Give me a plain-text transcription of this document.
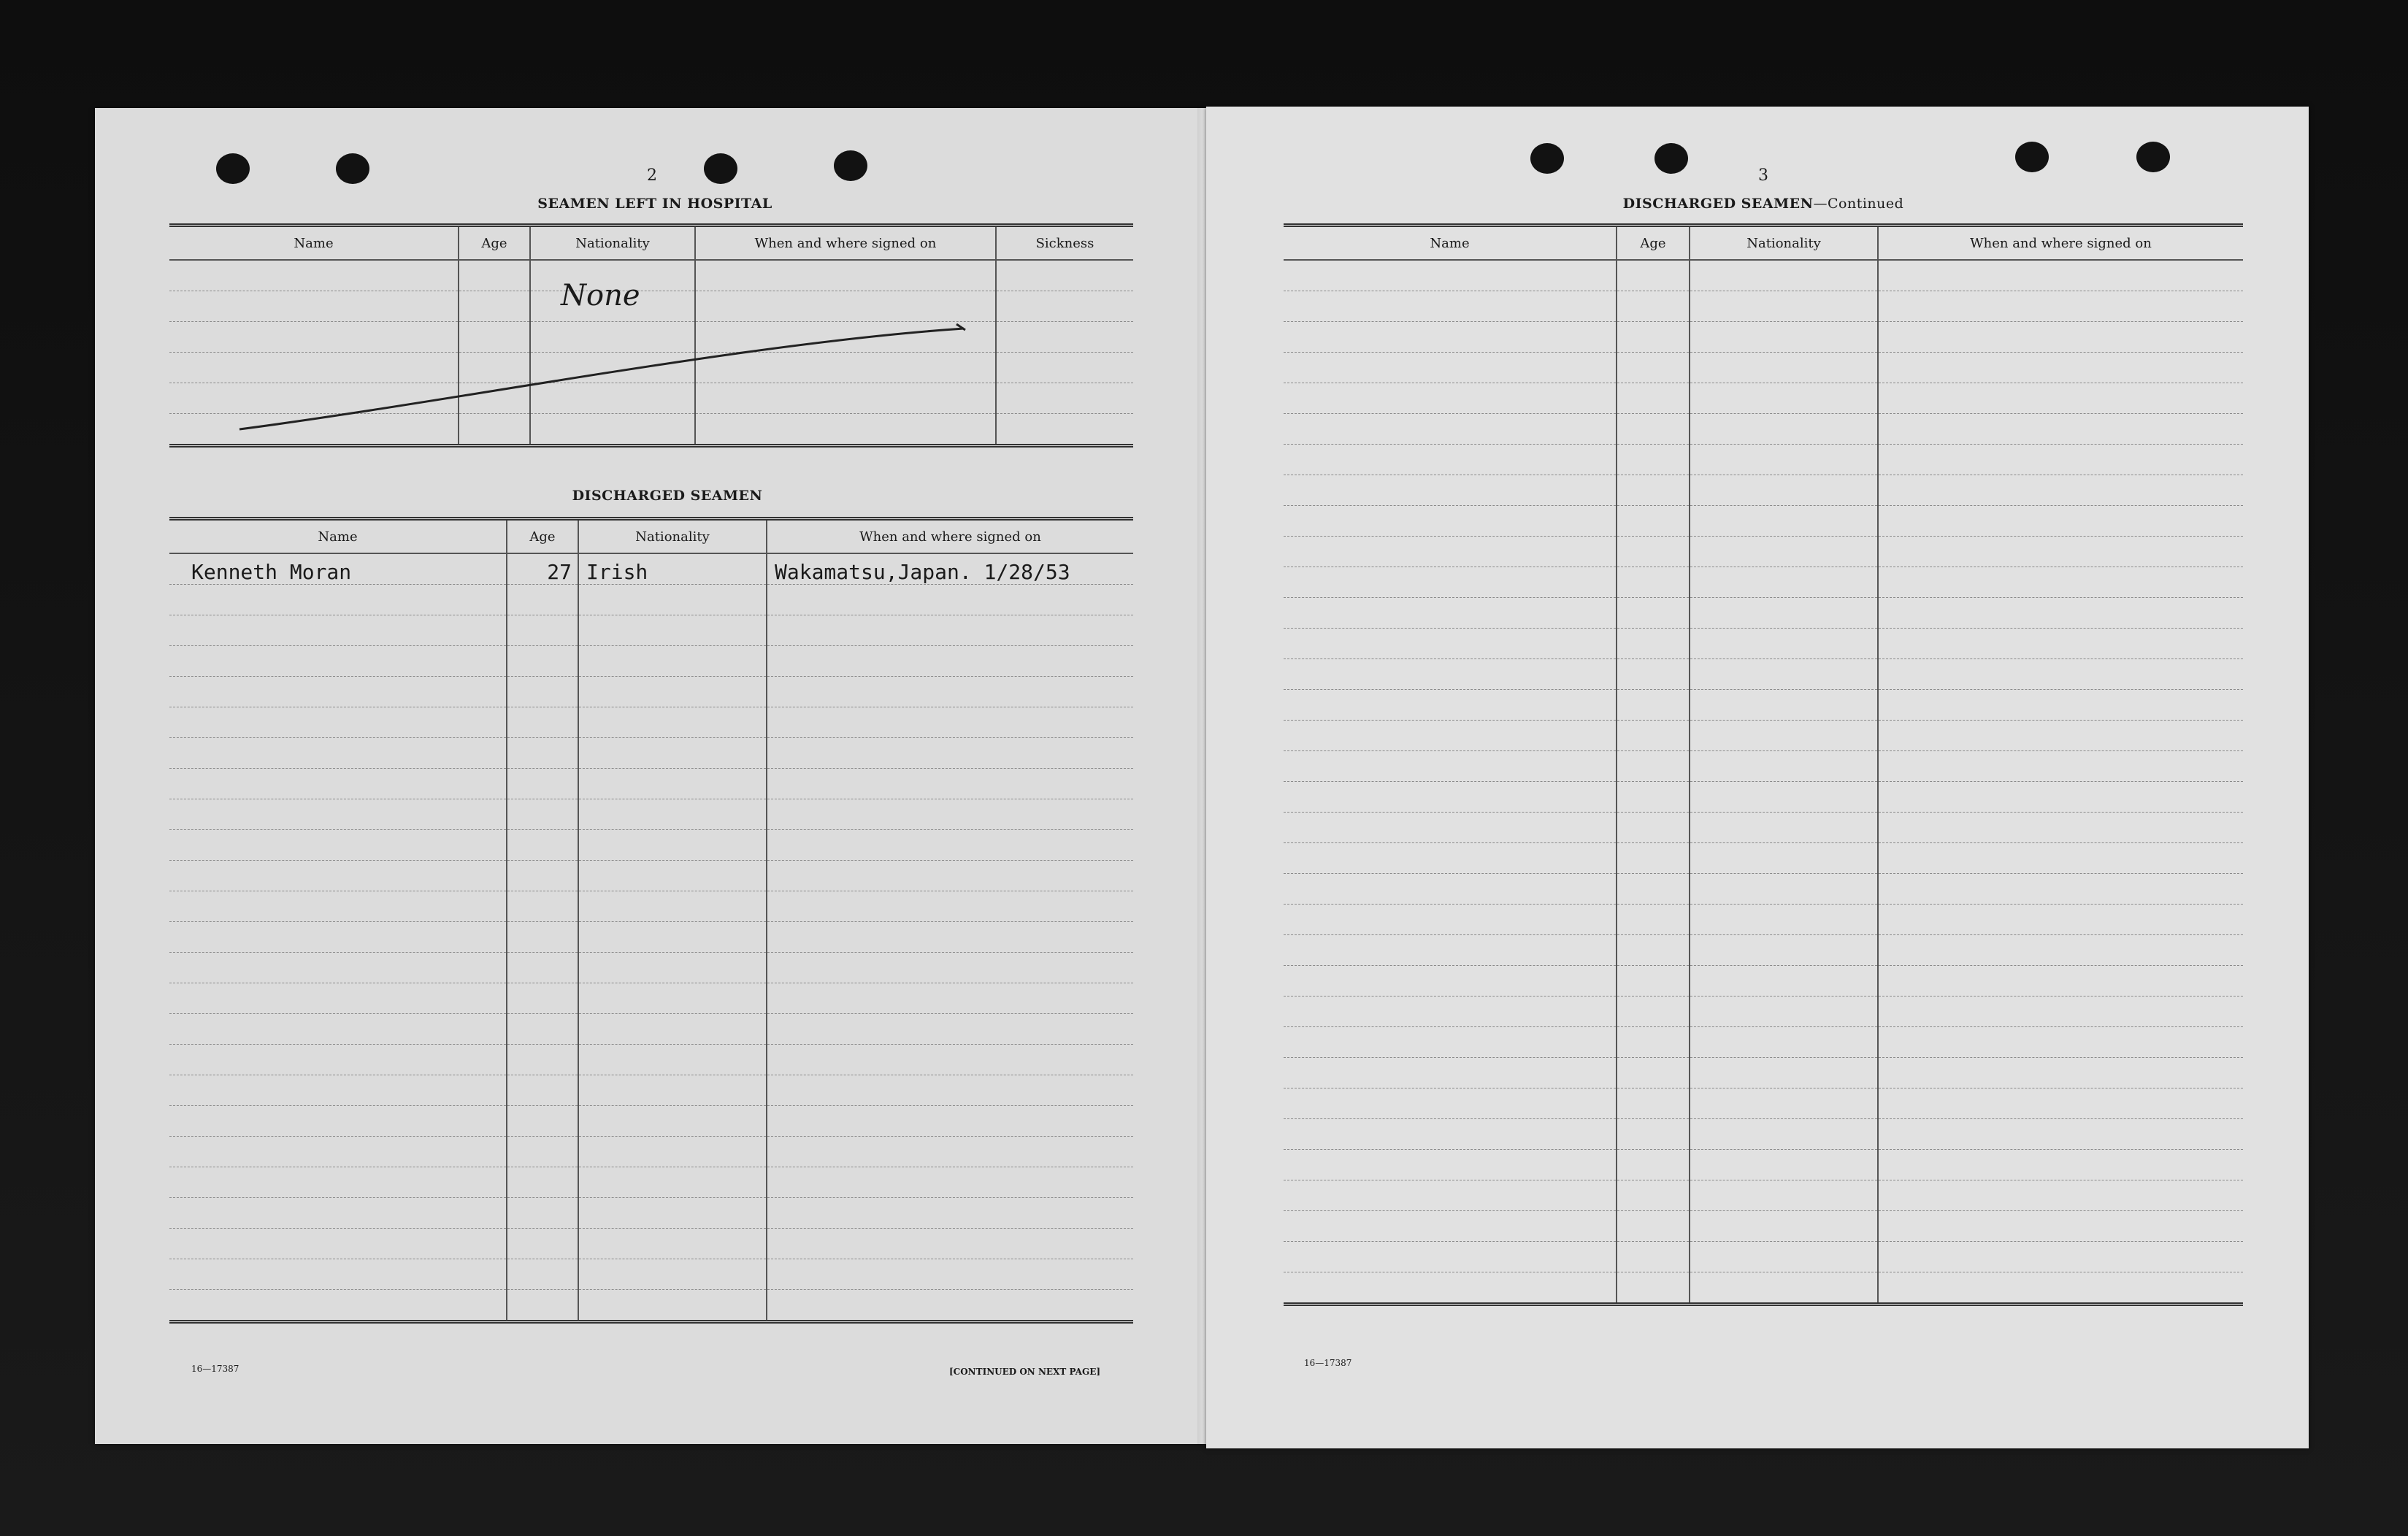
2
SEAMEN LEFT IN HOSPITAL
Name	Age	Nationality	When and where signed on	Sickness

None
DISCHARGED SEAMEN
Name	Age	Nationality	When and where signed on
Kenneth Moran	27	Irish	Wakamatsu,Japan. 1/28/53

16—17387	[CONTINUED ON NEXT PAGE]
3
DISCHARGED SEAMEN—Continued
Name	Age	Nationality	When and where signed on

16—17387
